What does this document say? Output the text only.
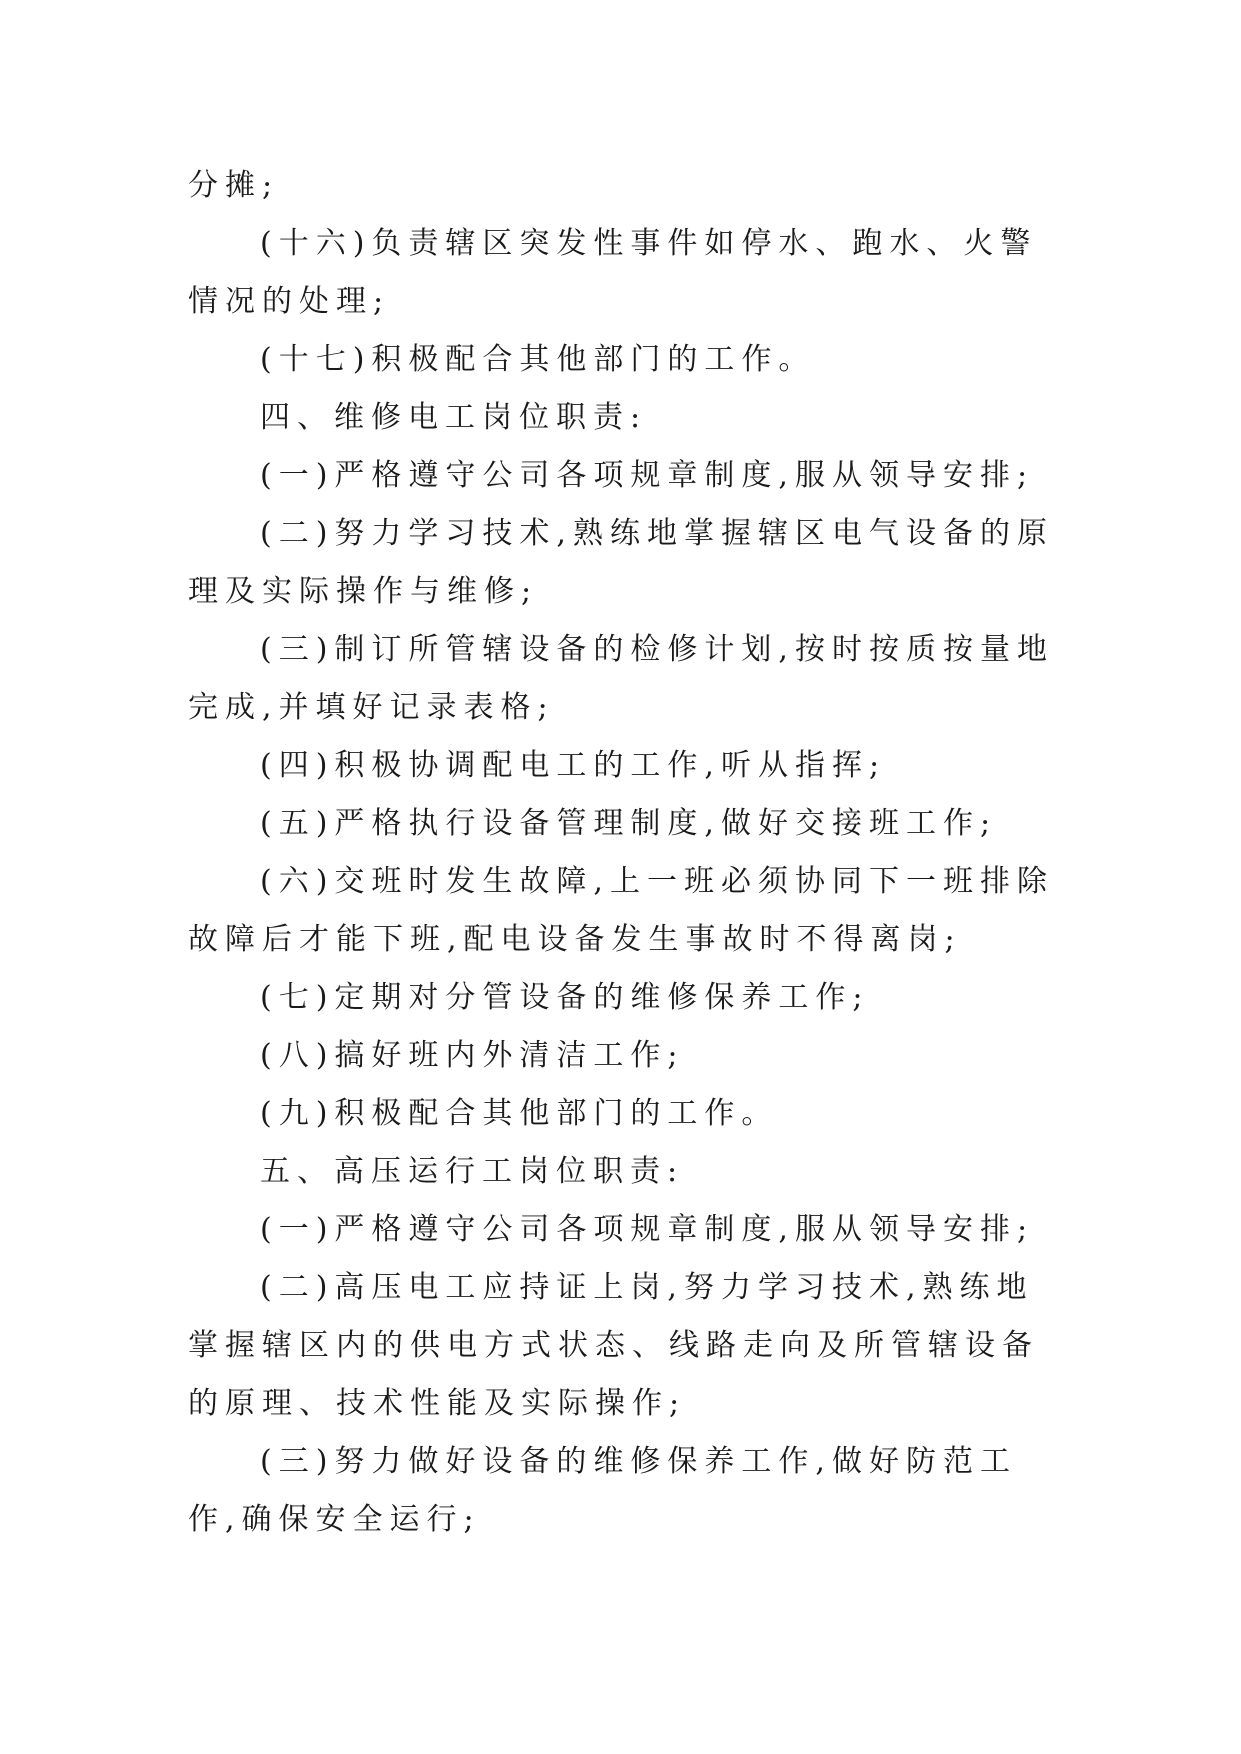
分摊;

(十六)负责辖区突发性事件如停水、跑水、火警情况的处理;

(十七)积极配合其他部门的工作。

四、维修电工岗位职责:

(一)严格遵守公司各项规章制度,服从领导安排;

(二)努力学习技术,熟练地掌握辖区电气设备的原理及实际操作与维修;

(三)制订所管辖设备的检修计划,按时按质按量地完成,并填好记录表格;

(四)积极协调配电工的工作,听从指挥;

(五)严格执行设备管理制度,做好交接班工作;

(六)交班时发生故障,上一班必须协同下一班排除故障后才能下班,配电设备发生事故时不得离岗;

(七)定期对分管设备的维修保养工作;

(八)搞好班内外清洁工作;

(九)积极配合其他部门的工作。

五、高压运行工岗位职责:

(一)严格遵守公司各项规章制度,服从领导安排;

(二)高压电工应持证上岗,努力学习技术,熟练地掌握辖区内的供电方式状态、线路走向及所管辖设备的原理、技术性能及实际操作;

(三)努力做好设备的维修保养工作,做好防范工作,确保安全运行;
